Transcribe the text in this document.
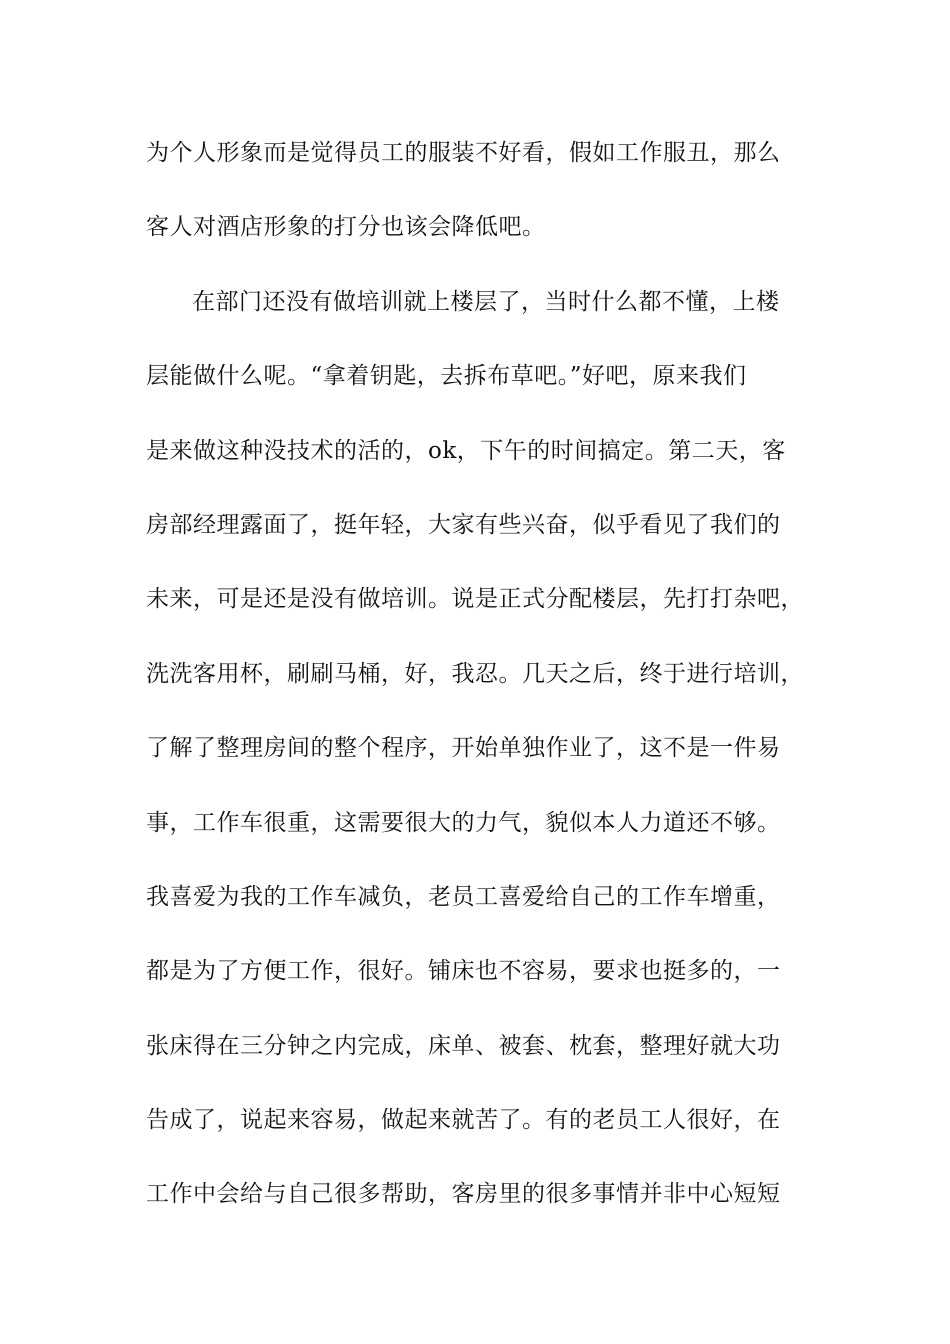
为个人形象而是觉得员工的服装不好看，假如工作服丑，那么
客人对酒店形象的打分也该会降低吧。
在部门还没有做培训就上楼层了，当时什么都不懂，上楼
层能做什么呢。“拿着钥匙，去拆布草吧。”好吧，原来我们
是来做这种没技术的活的，ok，下午的时间搞定。第二天，客
房部经理露面了，挺年轻，大家有些兴奋，似乎看见了我们的
未来，可是还是没有做培训。说是正式分配楼层，先打打杂吧，
洗洗客用杯，刷刷马桶，好，我忍。几天之后，终于进行培训，
了解了整理房间的整个程序，开始单独作业了，这不是一件易
事，工作车很重，这需要很大的力气，貌似本人力道还不够。
我喜爱为我的工作车减负，老员工喜爱给自己的工作车增重，
都是为了方便工作，很好。铺床也不容易，要求也挺多的，一
张床得在三分钟之内完成，床单、被套、枕套，整理好就大功
告成了，说起来容易，做起来就苦了。有的老员工人很好，在
工作中会给与自己很多帮助，客房里的很多事情并非中心短短
